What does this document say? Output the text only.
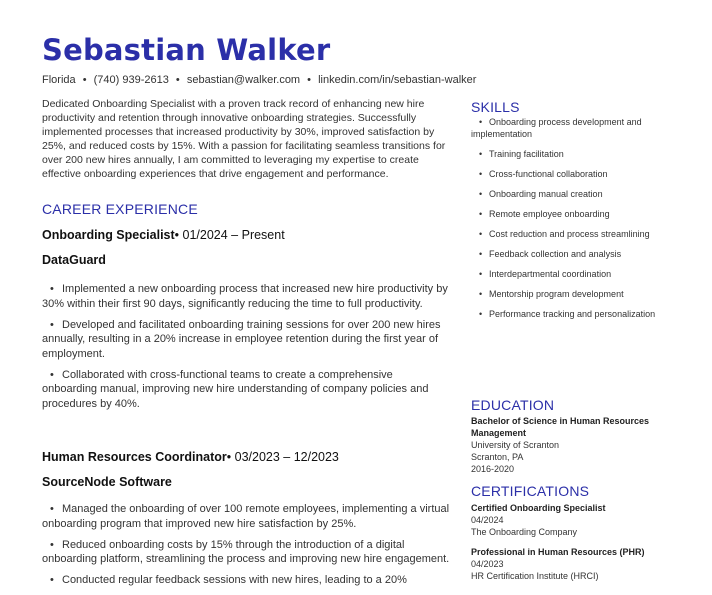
Sebastian Walker
Florida • (740) 939-2613 • sebastian@walker.com • linkedin.com/in/sebastian-walker

Dedicated Onboarding Specialist with a proven track record of enhancing new hire productivity and retention through innovative onboarding strategies. Successfully implemented processes that increased productivity by 30%, improved satisfaction by 25%, and reduced costs by 15%. With a passion for facilitating seamless transitions for over 200 new hires annually, I am committed to leveraging my expertise to create effective onboarding experiences that drive engagement and performance.

CAREER EXPERIENCE
Onboarding Specialist• 01/2024 – Present
DataGuard
• Implemented a new onboarding process that increased new hire productivity by 30% within their first 90 days, significantly reducing the time to full productivity.
• Developed and facilitated onboarding training sessions for over 200 new hires annually, resulting in a 20% increase in employee retention during the first year of employment.
• Collaborated with cross-functional teams to create a comprehensive onboarding manual, improving new hire understanding of company policies and procedures by 40%.
Human Resources Coordinator• 03/2023 – 12/2023
SourceNode Software
• Managed the onboarding of over 100 remote employees, implementing a virtual onboarding program that improved new hire satisfaction by 25%.
• Reduced onboarding costs by 15% through the introduction of a digital onboarding platform, streamlining the process and improving new hire engagement.
• Conducted regular feedback sessions with new hires, leading to a 20%
SKILLS
• Onboarding process development and implementation
• Training facilitation
• Cross-functional collaboration
• Onboarding manual creation
• Remote employee onboarding
• Cost reduction and process streamlining
• Feedback collection and analysis
• Interdepartmental coordination
• Mentorship program development
• Performance tracking and personalization
EDUCATION
Bachelor of Science in Human Resources Management
University of Scranton
Scranton, PA
2016-2020
CERTIFICATIONS
Certified Onboarding Specialist
04/2024
The Onboarding Company
Professional in Human Resources (PHR)
04/2023
HR Certification Institute (HRCI)
